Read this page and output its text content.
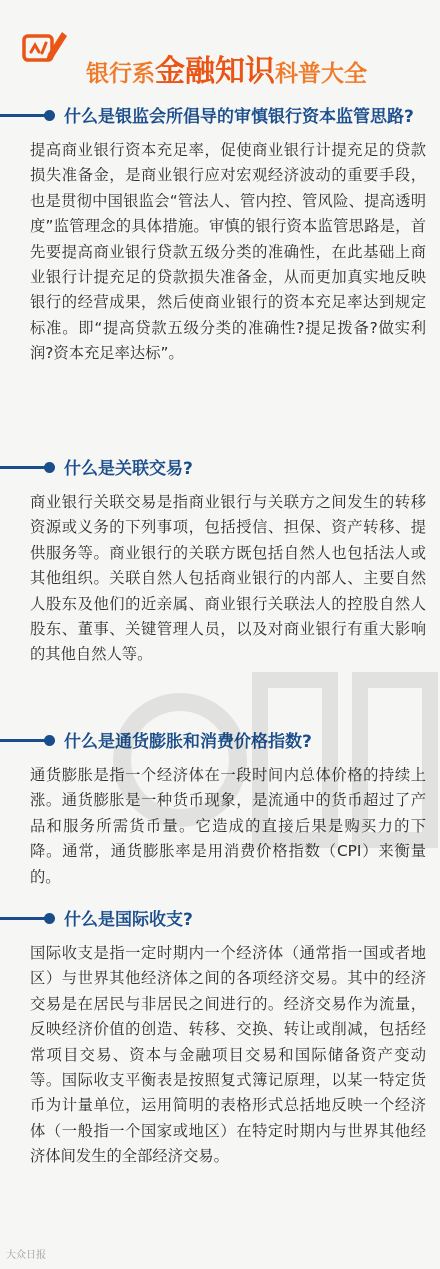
银行系金融知识科普大全
什么是银监会所倡导的审慎银行资本监管思路?
提高商业银行资本充足率，促使商业银行计提充足的贷款损失准备金，是商业银行应对宏观经济波动的重要手段，也是贯彻中国银监会“管法人、管内控、管风险、提高透明度”监管理念的具体措施。审慎的银行资本监管思路是，首先要提高商业银行贷款五级分类的准确性，在此基础上商业银行计提充足的贷款损失准备金，从而更加真实地反映银行的经营成果，然后使商业银行的资本充足率达到规定标准。即“提高贷款五级分类的准确性?提足拨备?做实利润?资本充足率达标”。
什么是关联交易?
商业银行关联交易是指商业银行与关联方之间发生的转移资源或义务的下列事项，包括授信、担保、资产转移、提供服务等。商业银行的关联方既包括自然人也包括法人或其他组织。关联自然人包括商业银行的内部人、主要自然人股东及他们的近亲属、商业银行关联法人的控股自然人股东、董事、关键管理人员，以及对商业银行有重大影响的其他自然人等。
什么是通货膨胀和消费价格指数?
通货膨胀是指一个经济体在一段时间内总体价格的持续上涨。通货膨胀是一种货币现象，是流通中的货币超过了产品和服务所需货币量。它造成的直接后果是购买力的下降。通常，通货膨胀率是用消费价格指数（CPI）来衡量的。
什么是国际收支?
国际收支是指一定时期内一个经济体（通常指一国或者地区）与世界其他经济体之间的各项经济交易。其中的经济交易是在居民与非居民之间进行的。经济交易作为流量，反映经济价值的创造、转移、交换、转让或削减，包括经常项目交易、资本与金融项目交易和国际储备资产变动等。国际收支平衡表是按照复式簿记原理，以某一特定货币为计量单位，运用简明的表格形式总括地反映一个经济体（一般指一个国家或地区）在特定时期内与世界其他经济体间发生的全部经济交易。
大众日报
